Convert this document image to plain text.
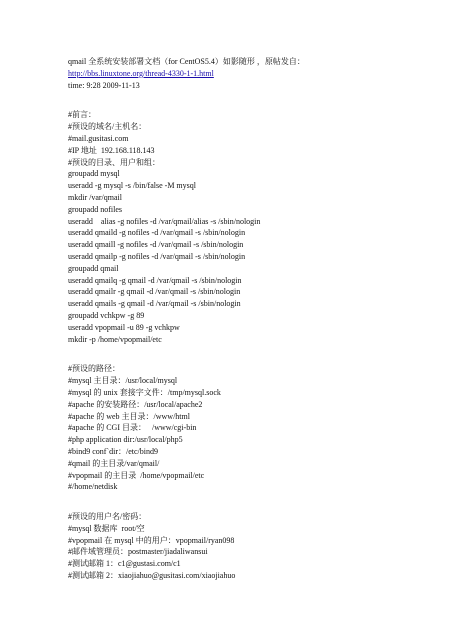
qmail 全系统安装部署文档（for CentOS5.4）如影随形 ，原帖发自：
http://bbs.linuxtone.org/thread-4330-1-1.html
time: 9:28 2009-11-13
#前言：
#预设的域名/主机名：
#mail.gusitasi.com
#IP 地址  192.168.118.143
#预设的目录、用户和组：
groupadd mysql
useradd -g mysql -s /bin/false -M mysql
mkdir /var/qmail
groupadd nofiles
useradd    alias -g nofiles -d /var/qmail/alias -s /sbin/nologin
useradd qmaild -g nofiles -d /var/qmail -s /sbin/nologin
useradd qmaill -g nofiles -d /var/qmail -s /sbin/nologin
useradd qmailp -g nofiles -d /var/qmail -s /sbin/nologin
groupadd qmail
useradd qmailq -g qmail -d /var/qmail -s /sbin/nologin
useradd qmailr -g qmail -d /var/qmail -s /sbin/nologin
useradd qmails -g qmail -d /var/qmail -s /sbin/nologin
groupadd vchkpw -g 89
useradd vpopmail -u 89 -g vchkpw
mkdir -p /home/vpopmail/etc
#预设的路径：
#mysql 主目录：/usr/local/mysql
#mysql 的 unix 套接字文件：/tmp/mysql.sock
#apache 的安装路径：/usr/local/apache2
#apache 的 web 主目录：/www/html
#apache 的 CGI 目录：   /www/cgi-bin
#php application dir:/usr/local/php5
#bind9 conf`dir：/etc/bind9
#qmail 的主目录/var/qmail/
#vpopmail 的主目录  /home/vpopmail/etc
#/home/netdisk
#预设的用户名/密码：
#mysql 数据库  root/空
#vpopmail 在 mysql 中的用户：vpopmail/ryan098
#邮件域管理员：postmaster/jiadaliwansui
#测试邮箱 1：c1@gustasi.com/c1
#测试邮箱 2：xiaojiahuo@gusitasi.com/xiaojiahuo
